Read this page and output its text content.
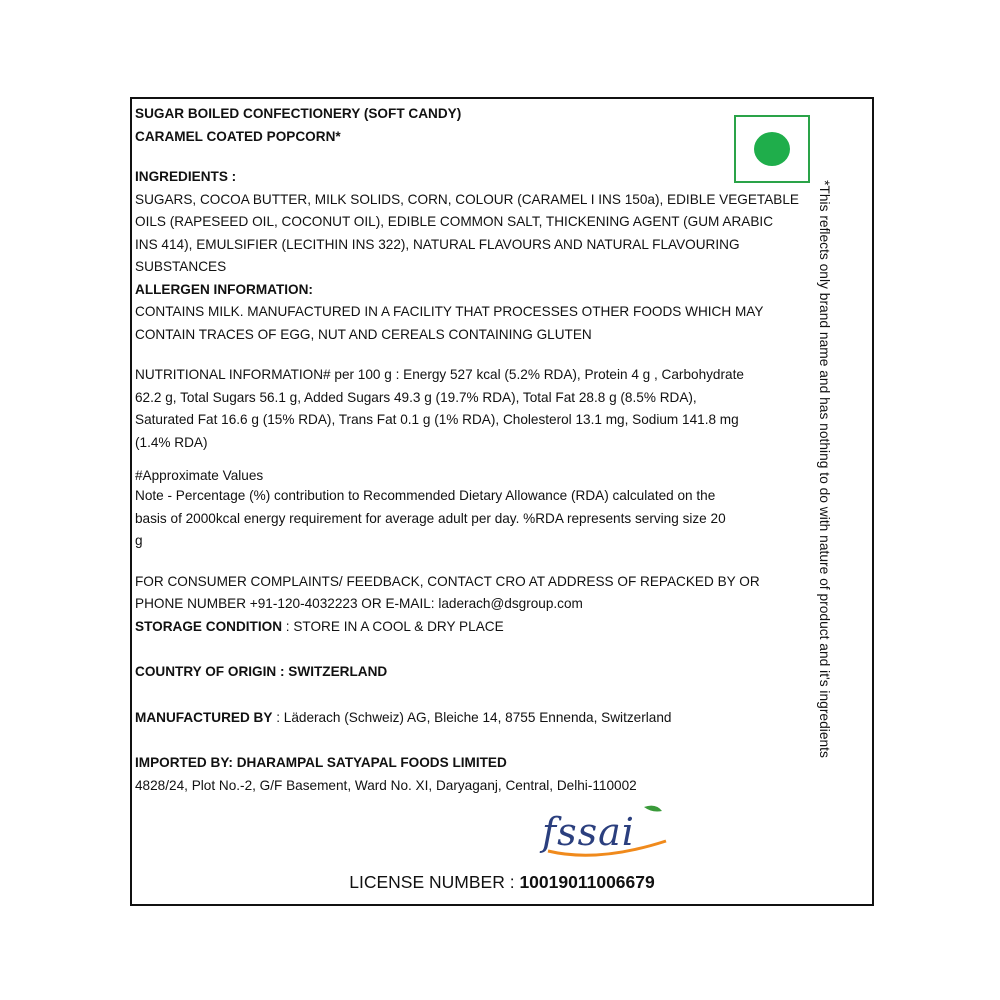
SUGAR BOILED CONFECTIONERY (SOFT CANDY)

CARAMEL COATED POPCORN*

INGREDIENTS :

SUGARS, COCOA BUTTER, MILK SOLIDS, CORN, COLOUR (CARAMEL I INS 150a), EDIBLE VEGETABLE

OILS (RAPESEED OIL, COCONUT OIL), EDIBLE COMMON SALT, THICKENING AGENT (GUM ARABIC

INS 414), EMULSIFIER (LECITHIN INS 322), NATURAL FLAVOURS AND NATURAL FLAVOURING

SUBSTANCES

ALLERGEN INFORMATION:

CONTAINS MILK. MANUFACTURED IN A FACILITY THAT PROCESSES OTHER FOODS WHICH MAY

CONTAIN TRACES OF EGG, NUT AND CEREALS CONTAINING GLUTEN

NUTRITIONAL INFORMATION# per 100 g : Energy 527 kcal (5.2% RDA), Protein 4 g , Carbohydrate

62.2 g, Total Sugars 56.1 g, Added Sugars 49.3 g (19.7% RDA), Total Fat 28.8 g (8.5% RDA),

Saturated Fat 16.6 g (15% RDA), Trans Fat 0.1 g (1% RDA), Cholesterol 13.1 mg, Sodium 141.8 mg

(1.4% RDA)

#Approximate Values

Note - Percentage (%) contribution to Recommended Dietary Allowance (RDA) calculated on the

basis of 2000kcal energy requirement for average adult per day. %RDA represents serving size 20

g

FOR CONSUMER COMPLAINTS/ FEEDBACK, CONTACT CRO AT ADDRESS OF REPACKED BY OR

PHONE NUMBER +91-120-4032223 OR E-MAIL: laderach@dsgroup.com

STORAGE CONDITION : STORE IN A COOL & DRY PLACE

COUNTRY OF ORIGIN : SWITZERLAND

MANUFACTURED BY : Läderach (Schweiz) AG, Bleiche 14, 8755 Ennenda, Switzerland

IMPORTED BY: DHARAMPAL SATYAPAL FOODS LIMITED

4828/24, Plot No.-2, G/F Basement, Ward No. XI, Daryaganj, Central, Delhi-110002

*This reflects only brand name and has nothing to do with nature of product and it's ingredients
fssai
LICENSE NUMBER : 10019011006679
